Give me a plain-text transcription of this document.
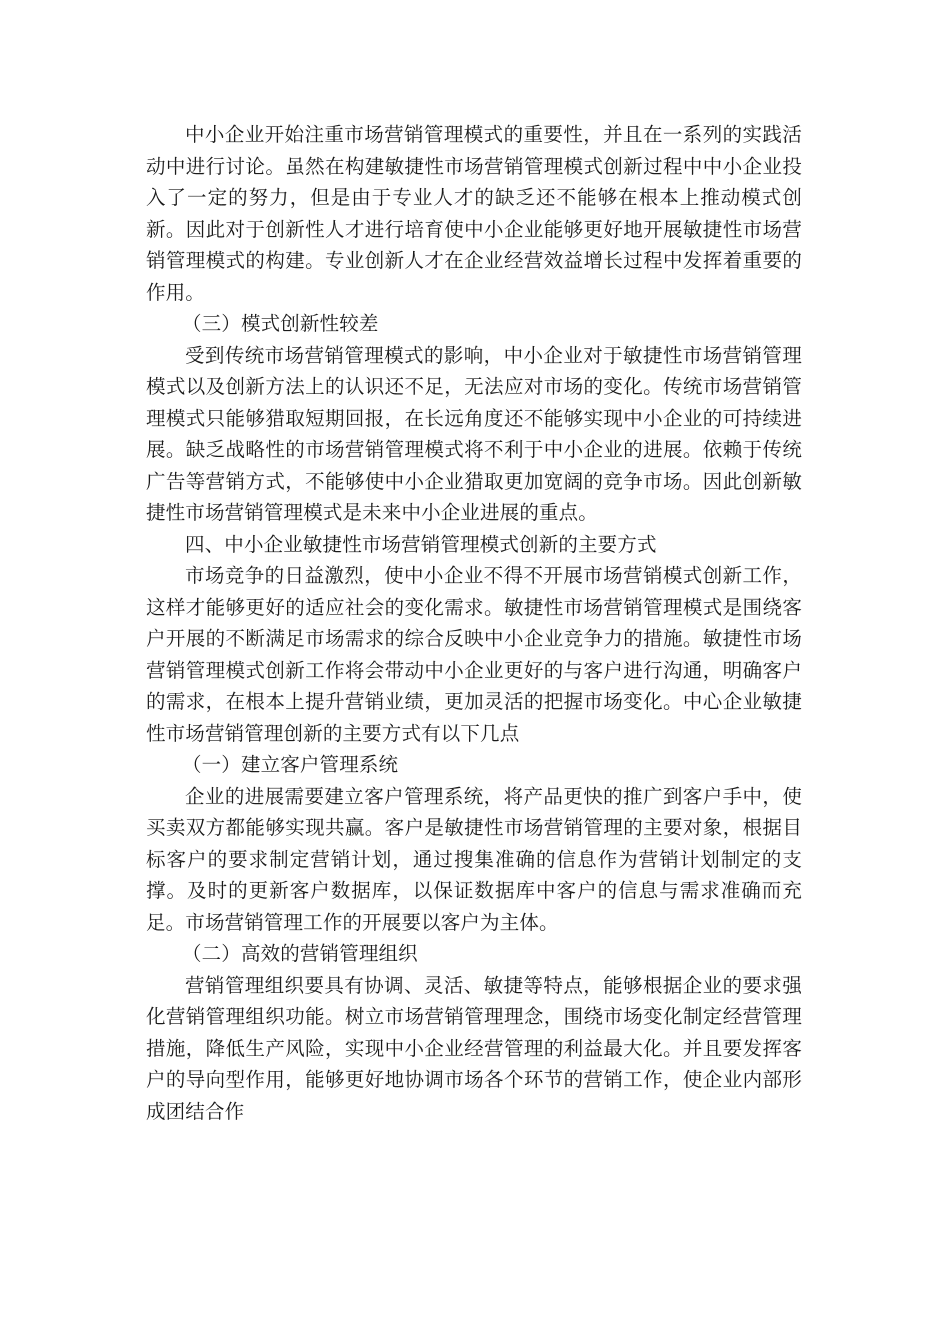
中小企业开始注重市场营销管理模式的重要性，并且在一系列的实践活动中进行讨论。虽然在构建敏捷性市场营销管理模式创新过程中中小企业投入了一定的努力，但是由于专业人才的缺乏还不能够在根本上推动模式创新。因此对于创新性人才进行培育使中小企业能够更好地开展敏捷性市场营销管理模式的构建。专业创新人才在企业经营效益增长过程中发挥着重要的作用。

（三）模式创新性较差

受到传统市场营销管理模式的影响，中小企业对于敏捷性市场营销管理模式以及创新方法上的认识还不足，无法应对市场的变化。传统市场营销管理模式只能够猎取短期回报，在长远角度还不能够实现中小企业的可持续进展。缺乏战略性的市场营销管理模式将不利于中小企业的进展。依赖于传统广告等营销方式，不能够使中小企业猎取更加宽阔的竞争市场。因此创新敏捷性市场营销管理模式是未来中小企业进展的重点。

四、中小企业敏捷性市场营销管理模式创新的主要方式

市场竞争的日益激烈，使中小企业不得不开展市场营销模式创新工作，这样才能够更好的适应社会的变化需求。敏捷性市场营销管理模式是围绕客户开展的不断满足市场需求的综合反映中小企业竞争力的措施。敏捷性市场营销管理模式创新工作将会带动中小企业更好的与客户进行沟通，明确客户的需求，在根本上提升营销业绩，更加灵活的把握市场变化。中心企业敏捷性市场营销管理创新的主要方式有以下几点

（一）建立客户管理系统

企业的进展需要建立客户管理系统，将产品更快的推广到客户手中，使买卖双方都能够实现共赢。客户是敏捷性市场营销管理的主要对象，根据目标客户的要求制定营销计划，通过搜集准确的信息作为营销计划制定的支撑。及时的更新客户数据库，以保证数据库中客户的信息与需求准确而充足。市场营销管理工作的开展要以客户为主体。

（二）高效的营销管理组织

营销管理组织要具有协调、灵活、敏捷等特点，能够根据企业的要求强化营销管理组织功能。树立市场营销管理理念，围绕市场变化制定经营管理措施，降低生产风险，实现中小企业经营管理的利益最大化。并且要发挥客户的导向型作用，能够更好地协调市场各个环节的营销工作，使企业内部形成团结合作
